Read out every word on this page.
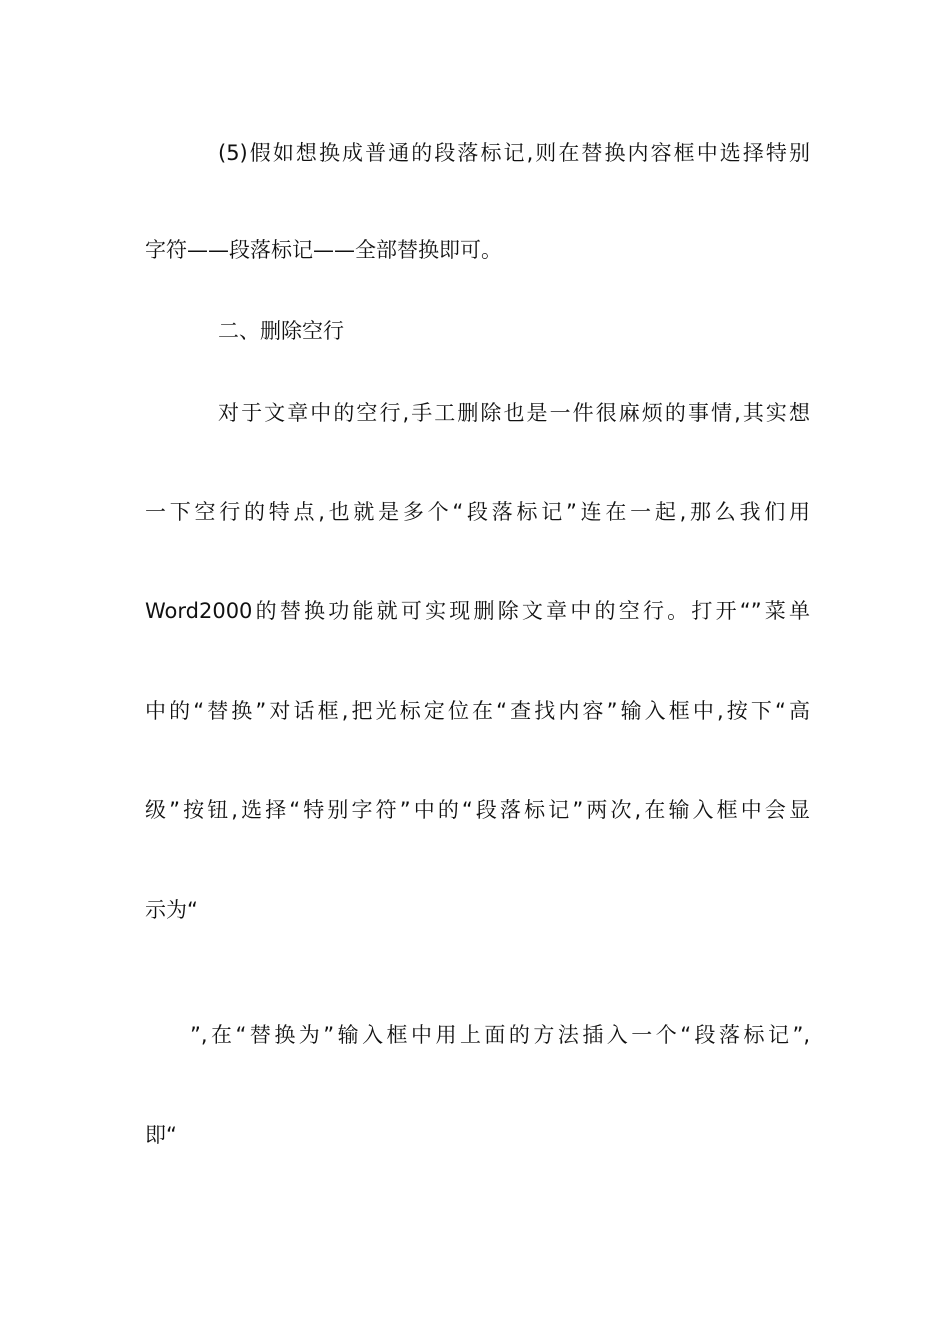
(5)假如想换成普通的段落标记,则在替换内容框中选择特别
字符——段落标记——全部替换即可。
二、删除空行
对于文章中的空行,手工删除也是一件很麻烦的事情,其实想
一下空行的特点,也就是多个“段落标记”连在一起,那么我们用
Word2000的替换功能就可实现删除文章中的空行。打开“”菜单
中的“替换”对话框,把光标定位在“查找内容”输入框中,按下“高
级”按钮,选择“特别字符”中的“段落标记”两次,在输入框中会显
示为“
”,在“替换为”输入框中用上面的方法插入一个“段落标记”,
即“
